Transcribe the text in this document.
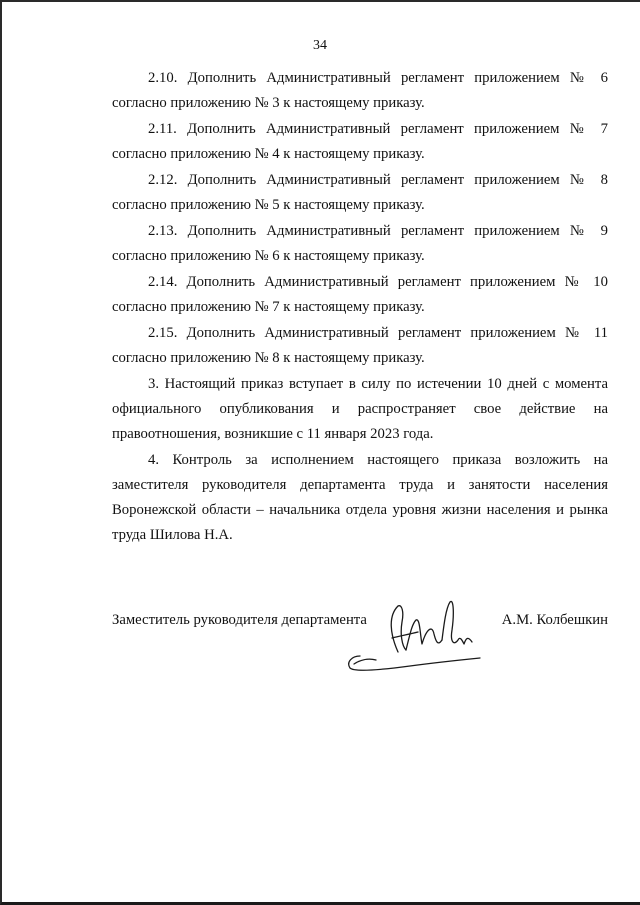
34

2.10. Дополнить Административный регламент приложением № 6 согласно приложению № 3 к настоящему приказу.

2.11. Дополнить Административный регламент приложением № 7 согласно приложению № 4 к настоящему приказу.

2.12. Дополнить Административный регламент приложением № 8 согласно приложению № 5 к настоящему приказу.

2.13. Дополнить Административный регламент приложением № 9 согласно приложению № 6 к настоящему приказу.

2.14. Дополнить Административный регламент приложением № 10 согласно приложению № 7 к настоящему приказу.

2.15. Дополнить Административный регламент приложением № 11 согласно приложению № 8 к настоящему приказу.

3. Настоящий приказ вступает в силу по истечении 10 дней с момента официального опубликования и распространяет свое действие на правоотношения, возникшие с 11 января 2023 года.

4. Контроль за исполнением настоящего приказа возложить на заместителя руководителя департамента труда и занятости населения Воронежской области – начальника отдела уровня жизни населения и рынка труда Шилова Н.А.

Заместитель руководителя департамента	А.М. Колбешкин
